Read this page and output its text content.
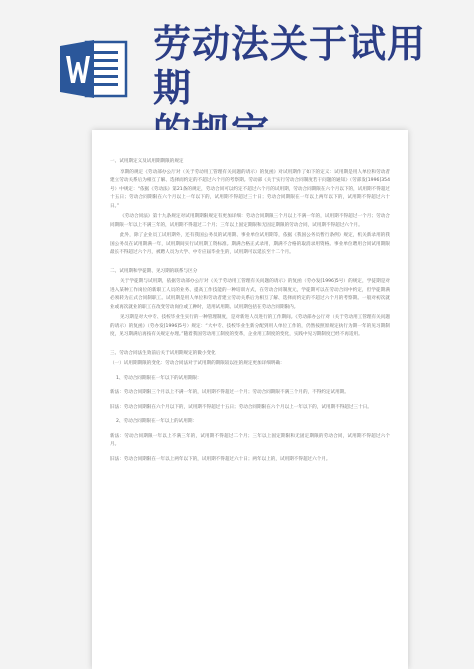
劳动法关于试用期

一、试用期定义及试用期期限的规定

享期的规定《劳动部办公厅对（关于劳动用工管理有关问题的请示）的复函》对试用期作了如下的定义：试用期是用人单位和劳动者建立劳动关系后为相互了解、选择而约定的不超过六个月的考察期。劳动部《关于实行劳动合同制度若干问题的通知》（劳部发[1996]354号）中规定：“依据《劳动法》第21条的规定，劳动合同可以约定不超过六个月的试用期，劳动合同期限在六个月以下的，试用期不得超过十五日；劳动合同期限在六个月以上一年以下的，试用期不得超过三十日；劳动合同期限在一年以上两年以下的，试用期不得超过六十日。”

《劳动合同法》第十九条规定对试用期期限规定有更加详细：劳动合同期限三个月以上不满一年的，试用期不得超过一个月；劳动合同期限一年以上不满三年的，试用期不得超过二个月；三年以上固定期限和无固定期限的劳动合同，试用期不得超过六个月。

此外，除了企业员工试用期外，还有我国公务员的试用期、事业单位试用期等，依据《我国公务员暂行条例》规定，机关新录用的我国公务员在试用期满一年，试用期间实行试用期工资标准。期满合格正式录用，期满不合格的取消录用资格。事业单位聘用合同试用期限最长不得超过六个月，被聘人员为大学、中专应届毕业生的，试用期可以延长至十二个月。

二、试用期和学徒期、见习期的联系与区分

关于学徒期与试用期，依据劳动部办公厅对《关于劳动用工管理有关问题的请示》的复函（劳办发[1996]5号）的规定，学徒期是对进入某种工作岗位的新职工人员的业务、提高工作技能的一种培训方式，在劳动合同制度元，学徒期可以在劳动合同中约定，但学徒期满必须转为正式合同制职工。试用期是用人单位和劳动者建立劳动关系后为相互了解、选择而约定的不超过六个月的考察期。一般对初次就业或再次就业的职工在改变劳动岗位或工种时，适用试用期。试用期包括在劳动合同期限内。

见习期是对大中专、技校毕业生实行的一种管理制度，是对新进人员进行的工作期间。《劳动部办公厅对（关于劳动用工管理有关问题的请示）的复函》（劳办发[1996]5号）规定：“大中专、技校毕业生新分配到用人单位工作的，仍然按照原规定执行为期一年的见习期制度，见习期满后再按有关规定办理。”随着我国劳动用工制度的变革，企业用工制度的变化，实践中见习期制度已经不再适用。

三、劳动合同法生效前后关于试用期规定的微小变化

（一）试用期期限的变化：劳动合同法对于试用期的期限较以往的规定更加详细明确：

1、劳动合同期限在一年以下的试用期限：

新法：劳动合同期限三个月以上不满一年的，试用期不得超过一个月；劳动合同期限不满三个月的，不得约定试用期。

旧法：劳动合同期限在六个月以下的，试用期不得超过十五日；劳动合同期限在六个月以上一年以下的，试用期不得超过三十日。

2、劳动合同期限在一年以上的试用期：

新法：劳动合同期限一年以上不满三年的，试用期不得超过二个月；三年以上固定期限和无固定期限的劳动合同，试用期不得超过六个月。

旧法：劳动合同期限在一年以上两年以下的，试用期不得超过六十日；两年以上的，试用期不得超过六个月。
